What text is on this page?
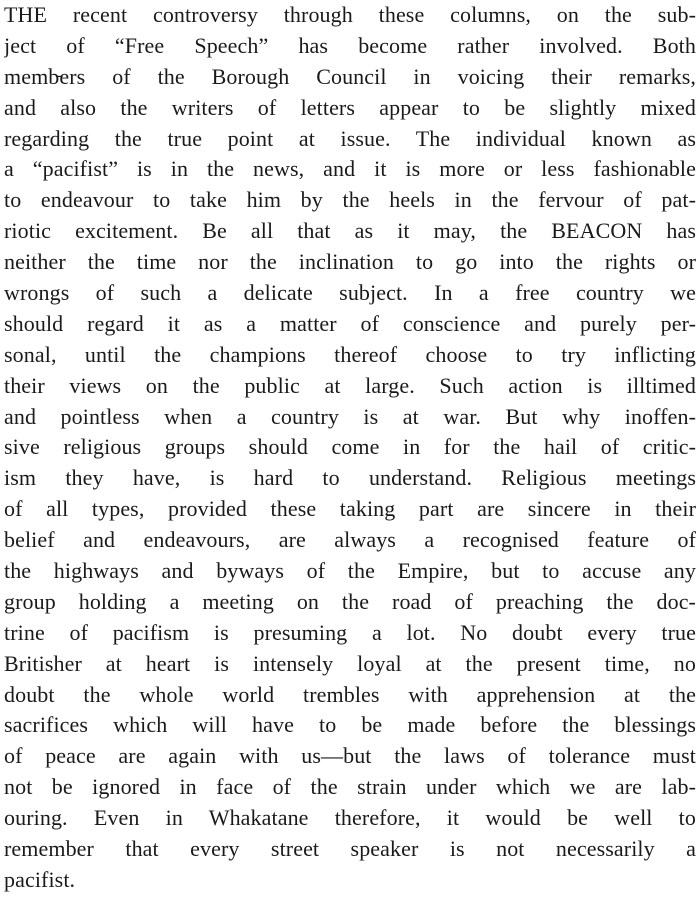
THE recent controversy through these columns, on the sub-
ject of “Free Speech” has become rather involved. Both
memb̵ers of the Borough Council in voicing their remarks,
and also the writers of letters appear to be slightly mixed
regarding the true point at issue. The individual known as
a “pacifist” is in the news, and it is more or less fashionable
to endeavour to take him by the heels in the fervour of pat-
riotic excitement. Be all that as it may, the BEACON has
neither the time nor the inclination to go into the rights or
wrongs of such a delicate subject. In a free country we
should regard it as a matter of conscience and purely per-
sonal, until the champions thereof choose to try inflicting
their views on the public at large. Such action is illtimed
and pointless when a country is at war. But why inoffen-
sive religious groups should come in for the hail of critic-
ism they have, is hard to understand. Religious meetings
of all types, provided these taking part are sincere in their
belief and endeavours, are always a recognised feature of
the highways and byways of the Empire, but to accuse any
group holding a meeting on the road of preaching the doc-
trine of pacifism is presuming a lot. No doubt every true
Britisher at heart is intensely loyal at the present time, no
doubt the whole world trembles with apprehension at the
sacrifices which will have to be made before the blessings
of peace are again with us—but the laws of tolerance must
not be ignored in face of the strain under which we are lab-
ouring. Even in Whakatane therefore, it would be well to
remember that every street speaker is not necessarily a
pacifist.
